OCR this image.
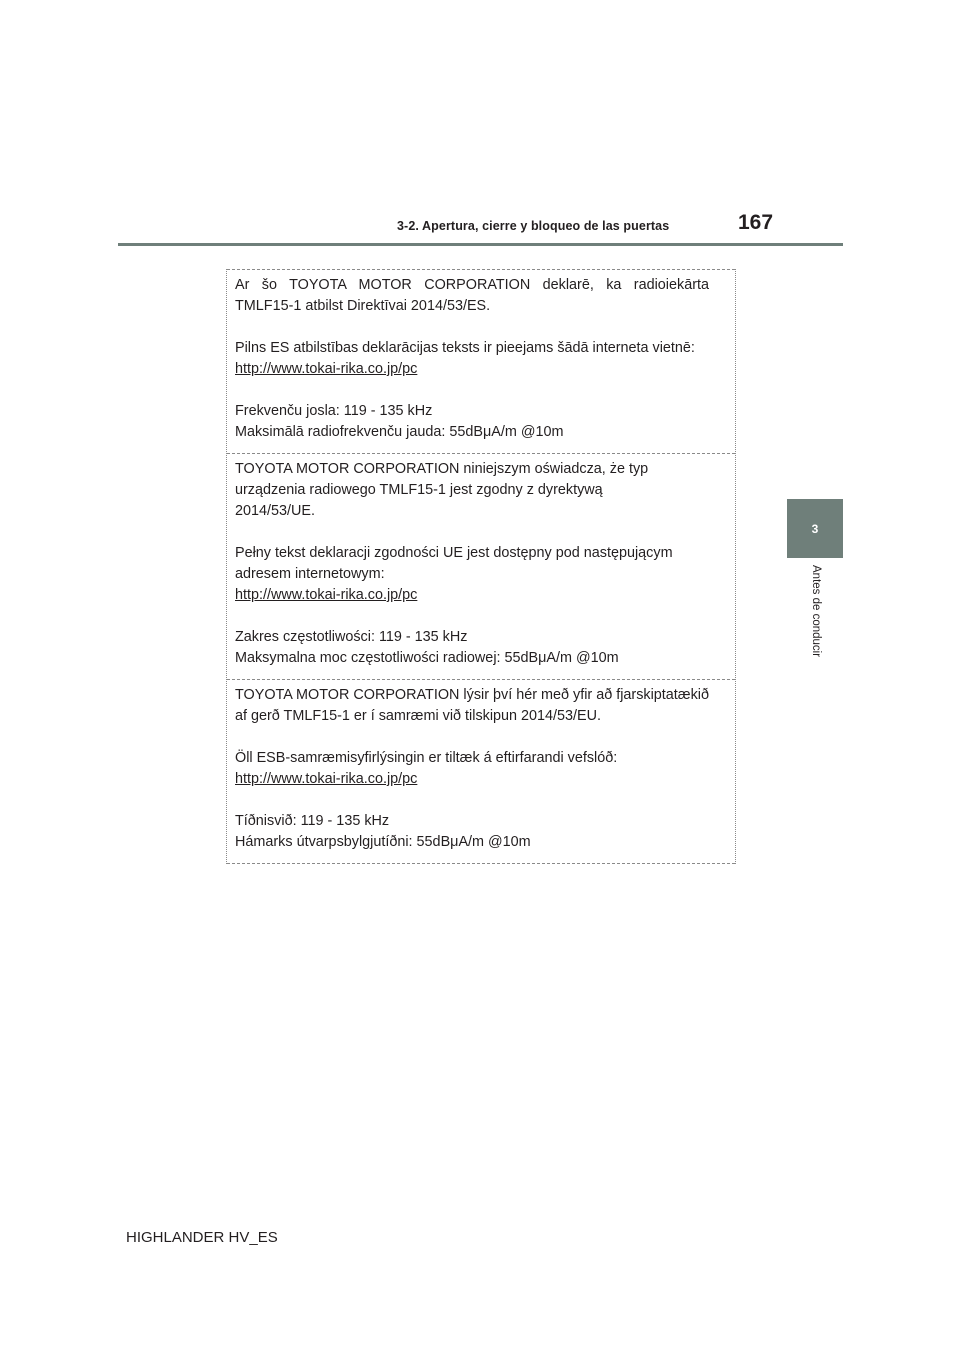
3-2. Apertura, cierre y bloqueo de las puertas	167
3
Antes de conducir

Ar šo TOYOTA MOTOR CORPORATION deklarē, ka radioiekārta TMLF15-1 atbilst Direktīvai 2014/53/ES.

Pilns ES atbilstības deklarācijas teksts ir pieejams šādā interneta vietnē:
http://www.tokai-rika.co.jp/pc

Frekvenču josla: 119 - 135 kHz
Maksimālā radiofrekvenču jauda: 55dBμA/m @10m

TOYOTA MOTOR CORPORATION niniejszym oświadcza, że typ
urządzenia radiowego TMLF15-1 jest zgodny z dyrektywą
2014/53/UE.

Pełny tekst deklaracji zgodności UE jest dostępny pod następującym
adresem internetowym:
http://www.tokai-rika.co.jp/pc

Zakres częstotliwości: 119 - 135 kHz
Maksymalna moc częstotliwości radiowej: 55dBμA/m @10m

TOYOTA MOTOR CORPORATION lýsir því hér með yfir að fjarskiptatækið af gerð TMLF15-1 er í samræmi við tilskipun 2014/53/EU.

Öll ESB-samræmisyfirlýsingin er tiltæk á eftirfarandi vefslóð:
http://www.tokai-rika.co.jp/pc

Tíðnisvið: 119 - 135 kHz
Hámarks útvarpsbylgjutíðni: 55dBμA/m @10m

HIGHLANDER HV_ES
